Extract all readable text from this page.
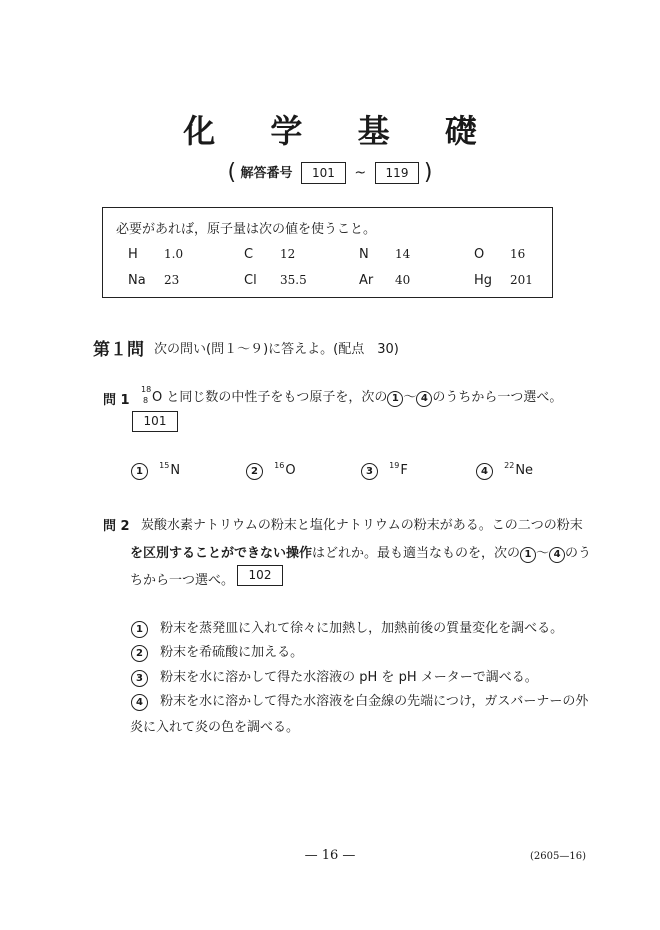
化 学 基 礎
( 解答番号 101 ~ 119 )
必要があれば，原子量は次の値を使うこと。
H 1.0	C 12	N 14	O 16
Na 23	Cl 35.5	Ar 40	Hg 201
第１問 次の問い(問１～９)に答えよ。(配点　30)
問 1
18
8 O と同じ数の中性子をもつ原子を，次の 1 ～ 4 のうちから一つ選べ。
101
1 $^{15}$N	2 $^{16}$O	3 $^{19}$F	4 $^{22}$Ne
問 2 炭酸水素ナトリウムの粉末と塩化ナトリウムの粉末がある。この二つの粉末
を区別することができない操作はどれか。最も適当なものを，次の 1 ～ 4 のう
ちから一つ選べ。	102
1 粉末を蒸発皿に入れて徐々に加熱し，加熱前後の質量変化を調べる。
2 粉末を希硫酸に加える。
3 粉末を水に溶かして得た水溶液の pH を pH メーターで調べる。
4 粉末を水に溶かして得た水溶液を白金線の先端につけ，ガスバーナーの外
炎に入れて炎の色を調べる。
— 16 —	(2605—16)
